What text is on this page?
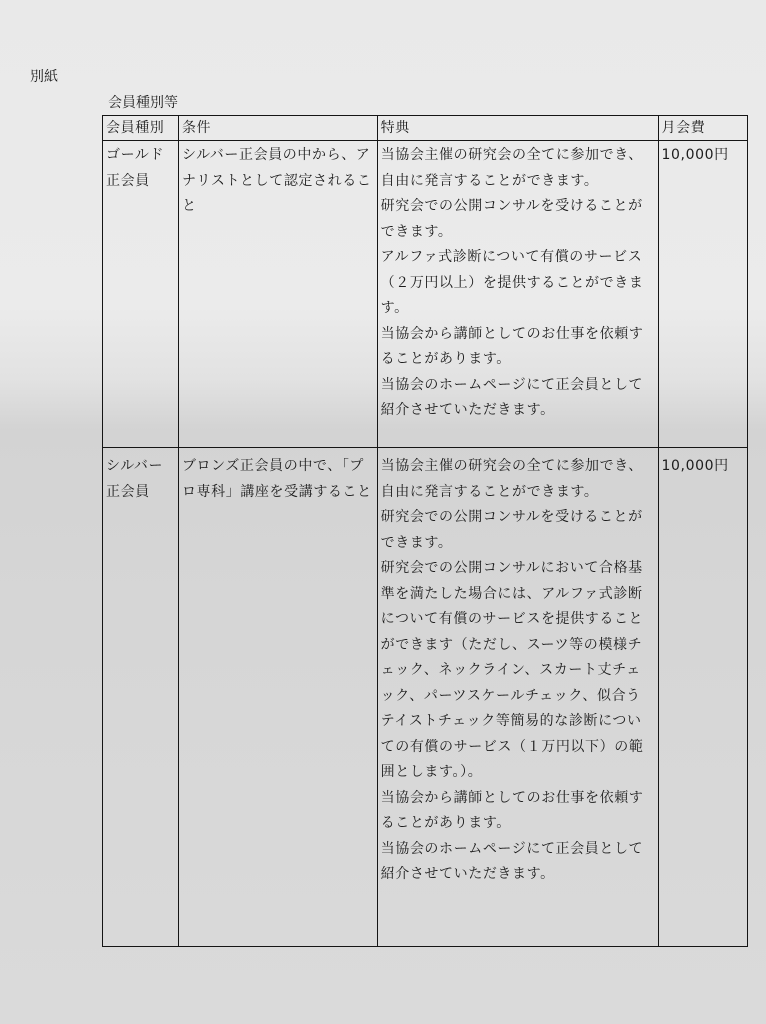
別紙
会員種別等
会員種別	条件	特典	月会費
ゴールド
正会員	シルバー正会員の中から、アナリストとして認定されること	当協会主催の研究会の全てに参加でき、自由に発言することができます。
研究会での公開コンサルを受けることができます。
アルファ式診断について有償のサービス（２万円以上）を提供することができます。
当協会から講師としてのお仕事を依頼することがあります。
当協会のホームページにて正会員として紹介させていただきます。	10,000円
シルバー
正会員	ブロンズ正会員の中で、「プロ専科」講座を受講すること	当協会主催の研究会の全てに参加でき、自由に発言することができます。
研究会での公開コンサルを受けることができます。
研究会での公開コンサルにおいて合格基準を満たした場合には、アルファ式診断について有償のサービスを提供することができます（ただし、スーツ等の模様チェック、ネックライン、スカート丈チェック、パーツスケールチェック、似合うテイストチェック等簡易的な診断についての有償のサービス（１万円以下）の範囲とします。）。
当協会から講師としてのお仕事を依頼することがあります。
当協会のホームページにて正会員として紹介させていただきます。	10,000円
